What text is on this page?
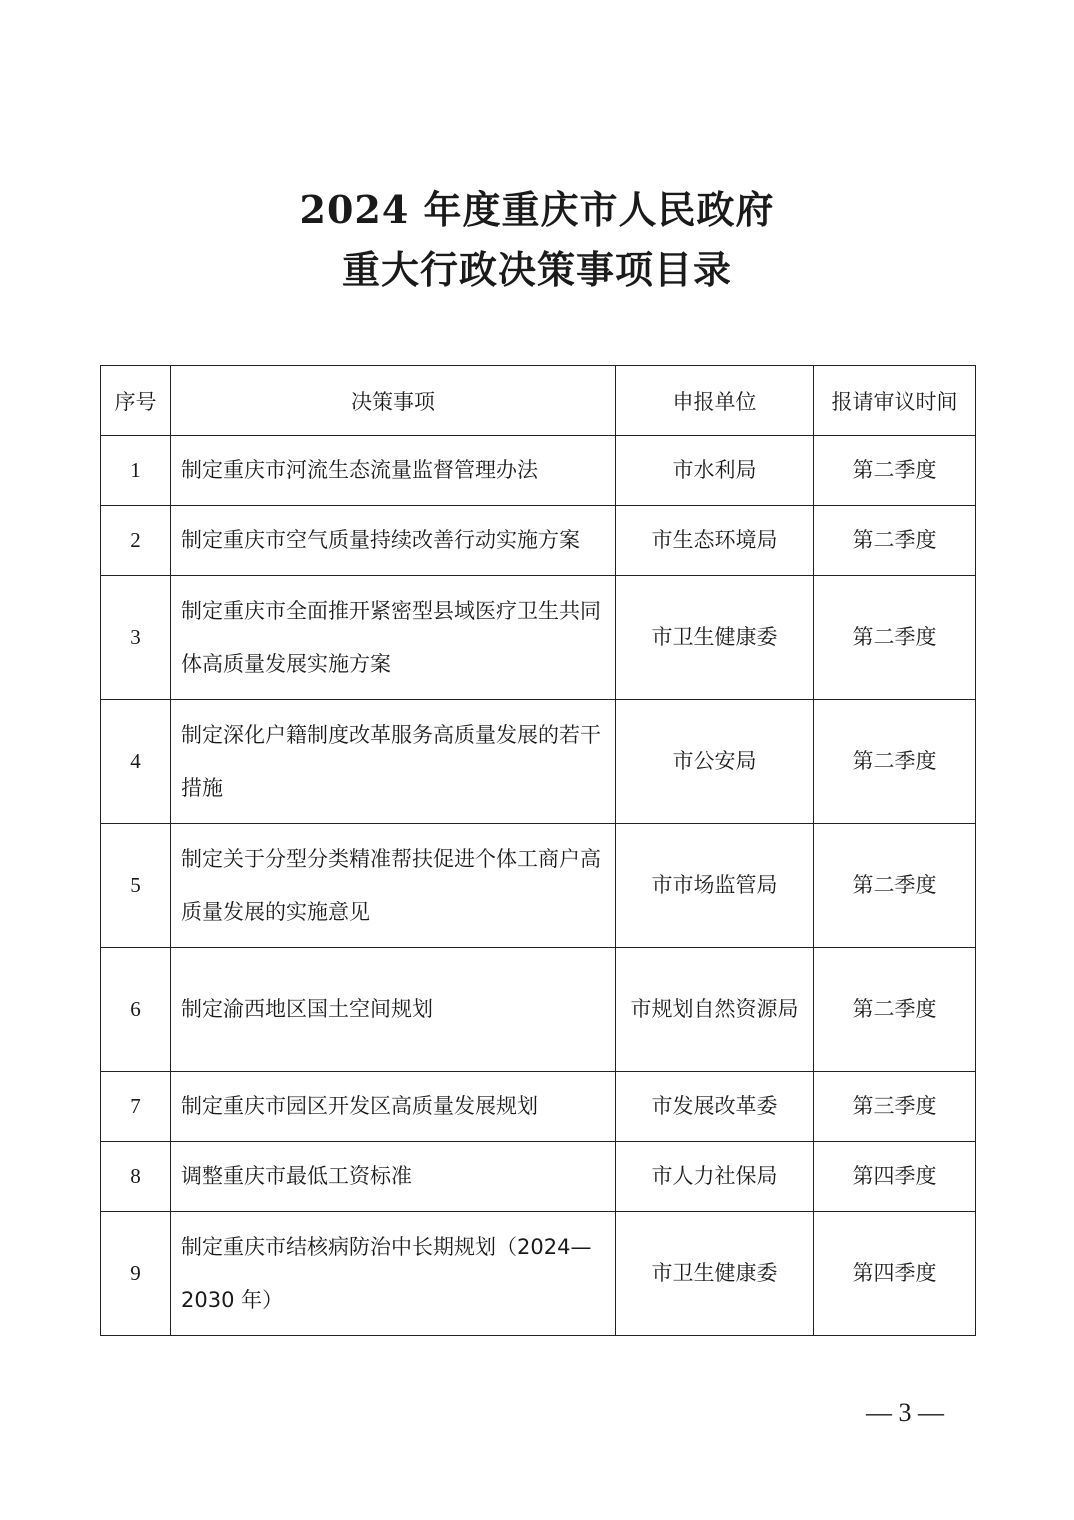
2024 年度重庆市人民政府
重大行政决策事项目录
序号	决策事项	申报单位	报请审议时间
1	制定重庆市河流生态流量监督管理办法	市水利局	第二季度
2	制定重庆市空气质量持续改善行动实施方案	市生态环境局	第二季度
3	制定重庆市全面推开紧密型县域医疗卫生共同体高质量发展实施方案	市卫生健康委	第二季度
4	制定深化户籍制度改革服务高质量发展的若干措施	市公安局	第二季度
5	制定关于分型分类精准帮扶促进个体工商户高质量发展的实施意见	市市场监管局	第二季度
6	制定渝西地区国土空间规划	市规划自然资源局	第二季度
7	制定重庆市园区开发区高质量发展规划	市发展改革委	第三季度
8	调整重庆市最低工资标准	市人力社保局	第四季度
9	制定重庆市结核病防治中长期规划（2024—2030 年）	市卫生健康委	第四季度
— 3 —
